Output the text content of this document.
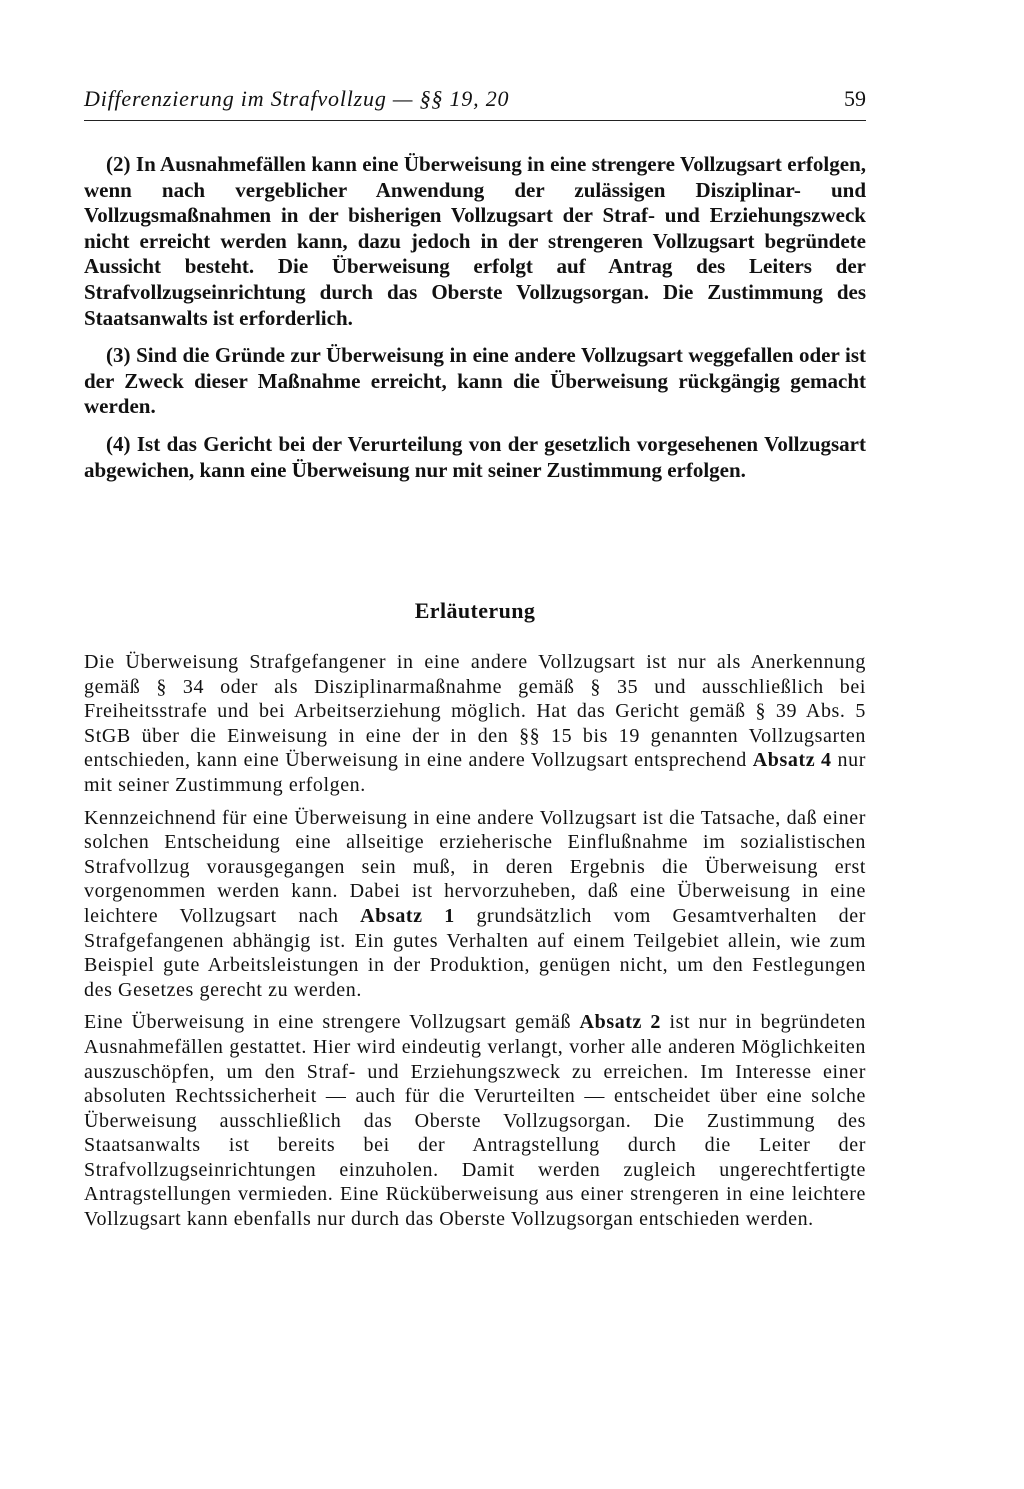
Differenzierung im Strafvollzug — §§ 19, 20	59

(2) In Ausnahmefällen kann eine Überweisung in eine strengere Vollzugsart erfolgen, wenn nach vergeblicher Anwendung der zulässigen Disziplinar- und Vollzugsmaßnahmen in der bisherigen Vollzugsart der Straf- und Erziehungszweck nicht erreicht werden kann, dazu jedoch in der strengeren Vollzugsart begründete Aussicht besteht. Die Überweisung erfolgt auf Antrag des Leiters der Strafvollzugseinrichtung durch das Oberste Vollzugsorgan. Die Zustimmung des Staatsanwalts ist erforderlich.

(3) Sind die Gründe zur Überweisung in eine andere Vollzugsart weggefallen oder ist der Zweck dieser Maßnahme erreicht, kann die Überweisung rückgängig gemacht werden.

(4) Ist das Gericht bei der Verurteilung von der gesetzlich vorgesehenen Vollzugsart abgewichen, kann eine Überweisung nur mit seiner Zustimmung erfolgen.

Erläuterung

Die Überweisung Strafgefangener in eine andere Vollzugsart ist nur als Anerkennung gemäß § 34 oder als Disziplinarmaßnahme gemäß § 35 und ausschließlich bei Freiheitsstrafe und bei Arbeitserziehung möglich. Hat das Gericht gemäß § 39 Abs. 5 StGB über die Einweisung in eine der in den §§ 15 bis 19 genannten Vollzugsarten entschieden, kann eine Überweisung in eine andere Vollzugsart entsprechend Absatz 4 nur mit seiner Zustimmung erfolgen.

Kennzeichnend für eine Überweisung in eine andere Vollzugsart ist die Tatsache, daß einer solchen Entscheidung eine allseitige erzieherische Einflußnahme im sozialistischen Strafvollzug vorausgegangen sein muß, in deren Ergebnis die Überweisung erst vorgenommen werden kann. Dabei ist hervorzuheben, daß eine Überweisung in eine leichtere Vollzugsart nach Absatz 1 grundsätzlich vom Gesamtverhalten der Strafgefangenen abhängig ist. Ein gutes Verhalten auf einem Teilgebiet allein, wie zum Beispiel gute Arbeitsleistungen in der Produktion, genügen nicht, um den Festlegungen des Gesetzes gerecht zu werden.

Eine Überweisung in eine strengere Vollzugsart gemäß Absatz 2 ist nur in begründeten Ausnahmefällen gestattet. Hier wird eindeutig verlangt, vorher alle anderen Möglichkeiten auszuschöpfen, um den Straf- und Erziehungszweck zu erreichen. Im Interesse einer absoluten Rechtssicherheit — auch für die Verurteilten — entscheidet über eine solche Überweisung ausschließlich das Oberste Vollzugsorgan. Die Zustimmung des Staatsanwalts ist bereits bei der Antragstellung durch die Leiter der Strafvollzugseinrichtungen einzuholen. Damit werden zugleich ungerechtfertigte Antragstellungen vermieden. Eine Rücküberweisung aus einer strengeren in eine leichtere Vollzugsart kann ebenfalls nur durch das Oberste Vollzugsorgan entschieden werden.
